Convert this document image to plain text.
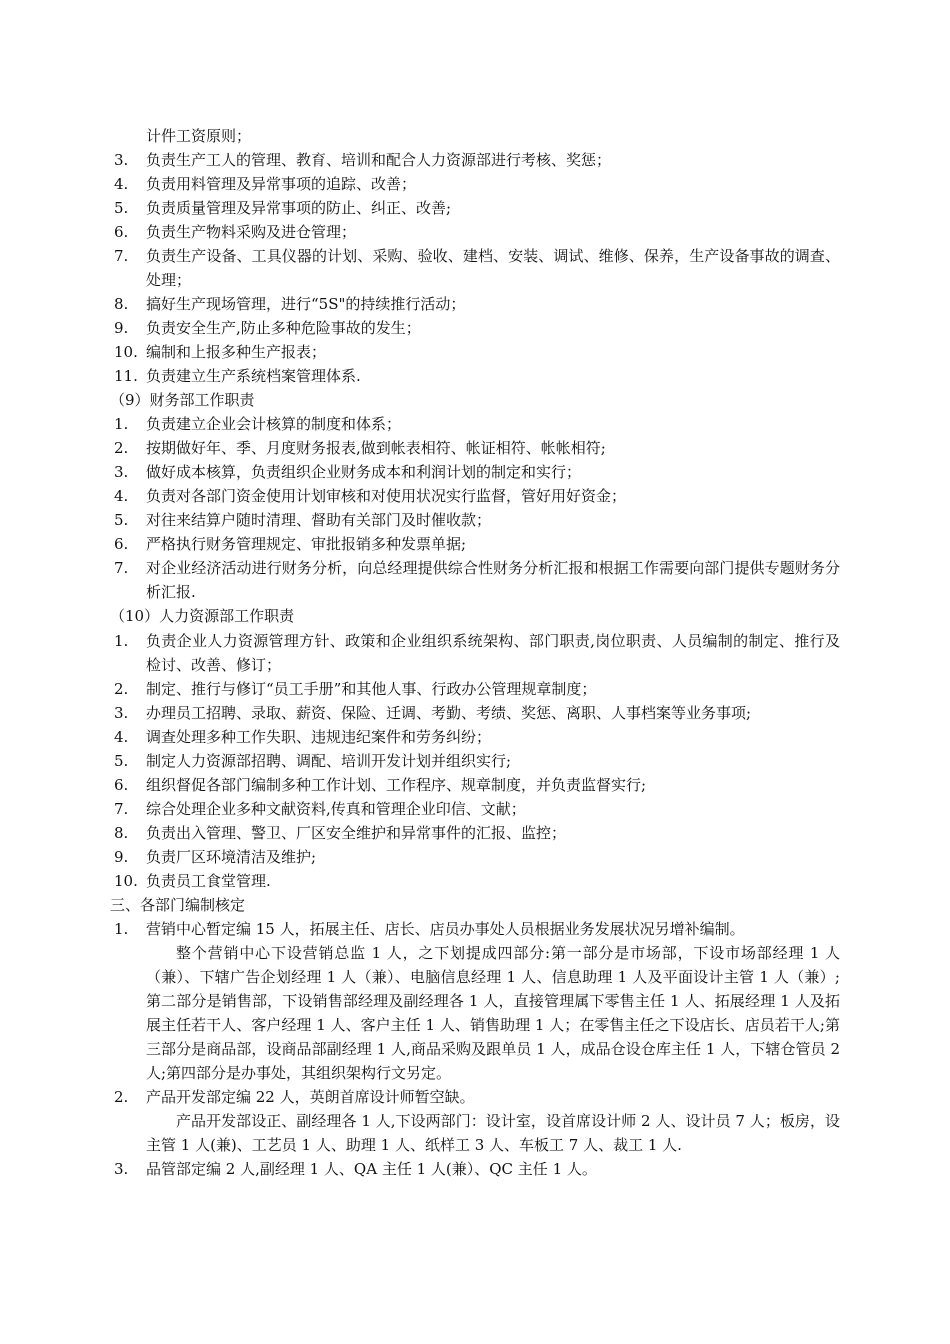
计件工资原则；
3. 负责生产工人的管理、教育、培训和配合人力资源部进行考核、奖惩；
4. 负责用料管理及异常事项的追踪、改善；
5. 负责质量管理及异常事项的防止、纠正、改善;
6. 负责生产物料采购及进仓管理；
7. 负责生产设备、工具仪器的计划、采购、验收、建档、安装、调试、维修、保养，生产设备事故的调查、处理；
8. 搞好生产现场管理，进行“5S"的持续推行活动；
9. 负责安全生产,防止多种危险事故的发生；
10. 编制和上报多种生产报表；
11. 负责建立生产系统档案管理体系.
（9）财务部工作职责
1. 负责建立企业会计核算的制度和体系；
2. 按期做好年、季、月度财务报表,做到帐表相符、帐证相符、帐帐相符;
3. 做好成本核算，负责组织企业财务成本和利润计划的制定和实行；
4. 负责对各部门资金使用计划审核和对使用状况实行监督，管好用好资金；
5. 对往来结算户随时清理、督助有关部门及时催收款；
6. 严格执行财务管理规定、审批报销多种发票单据;
7. 对企业经济活动进行财务分析，向总经理提供综合性财务分析汇报和根据工作需要向部门提供专题财务分析汇报.
（10）人力资源部工作职责
1. 负责企业人力资源管理方针、政策和企业组织系统架构、部门职责,岗位职责、人员编制的制定、推行及检讨、改善、修订；
2. 制定、推行与修订“员工手册”和其他人事、行政办公管理规章制度；
3. 办理员工招聘、录取、薪资、保险、迁调、考勤、考绩、奖惩、离职、人事档案等业务事项;
4. 调查处理多种工作失职、违规违纪案件和劳务纠纷；
5. 制定人力资源部招聘、调配、培训开发计划并组织实行;
6. 组织督促各部门编制多种工作计划、工作程序、规章制度，并负责监督实行;
7. 综合处理企业多种文献资料,传真和管理企业印信、文献；
8. 负责出入管理、警卫、厂区安全维护和异常事件的汇报、监控；
9. 负责厂区环境清洁及维护;
10. 负责员工食堂管理.
三、各部门编制核定
1. 营销中心暂定编 15 人，拓展主任、店长、店员办事处人员根据业务发展状况另增补编制。
整个营销中心下设营销总监 1 人，之下划提成四部分:第一部分是市场部，下设市场部经理 1 人（兼）、下辖广告企划经理 1 人（兼）、电脑信息经理 1 人、信息助理 1 人及平面设计主管 1 人（兼）;第二部分是销售部，下设销售部经理及副经理各 1 人，直接管理属下零售主任 1 人、拓展经理 1 人及拓展主任若干人、客户经理 1 人、客户主任 1 人、销售助理 1 人；在零售主任之下设店长、店员若干人;第三部分是商品部，设商品部副经理 1 人,商品采购及跟单员 1 人，成品仓设仓库主任 1 人，下辖仓管员 2 人;第四部分是办事处，其组织架构行文另定。
2. 产品开发部定编 22 人，英朗首席设计师暂空缺。
产品开发部设正、副经理各 1 人,下设两部门：设计室，设首席设计师 2 人、设计员 7 人；板房，设主管 1 人(兼)、工艺员 1 人、助理 1 人、纸样工 3 人、车板工 7 人、裁工 1 人.
3. 品管部定编 2 人,副经理 1 人、QA 主任 1 人(兼）、QC 主任 1 人。
